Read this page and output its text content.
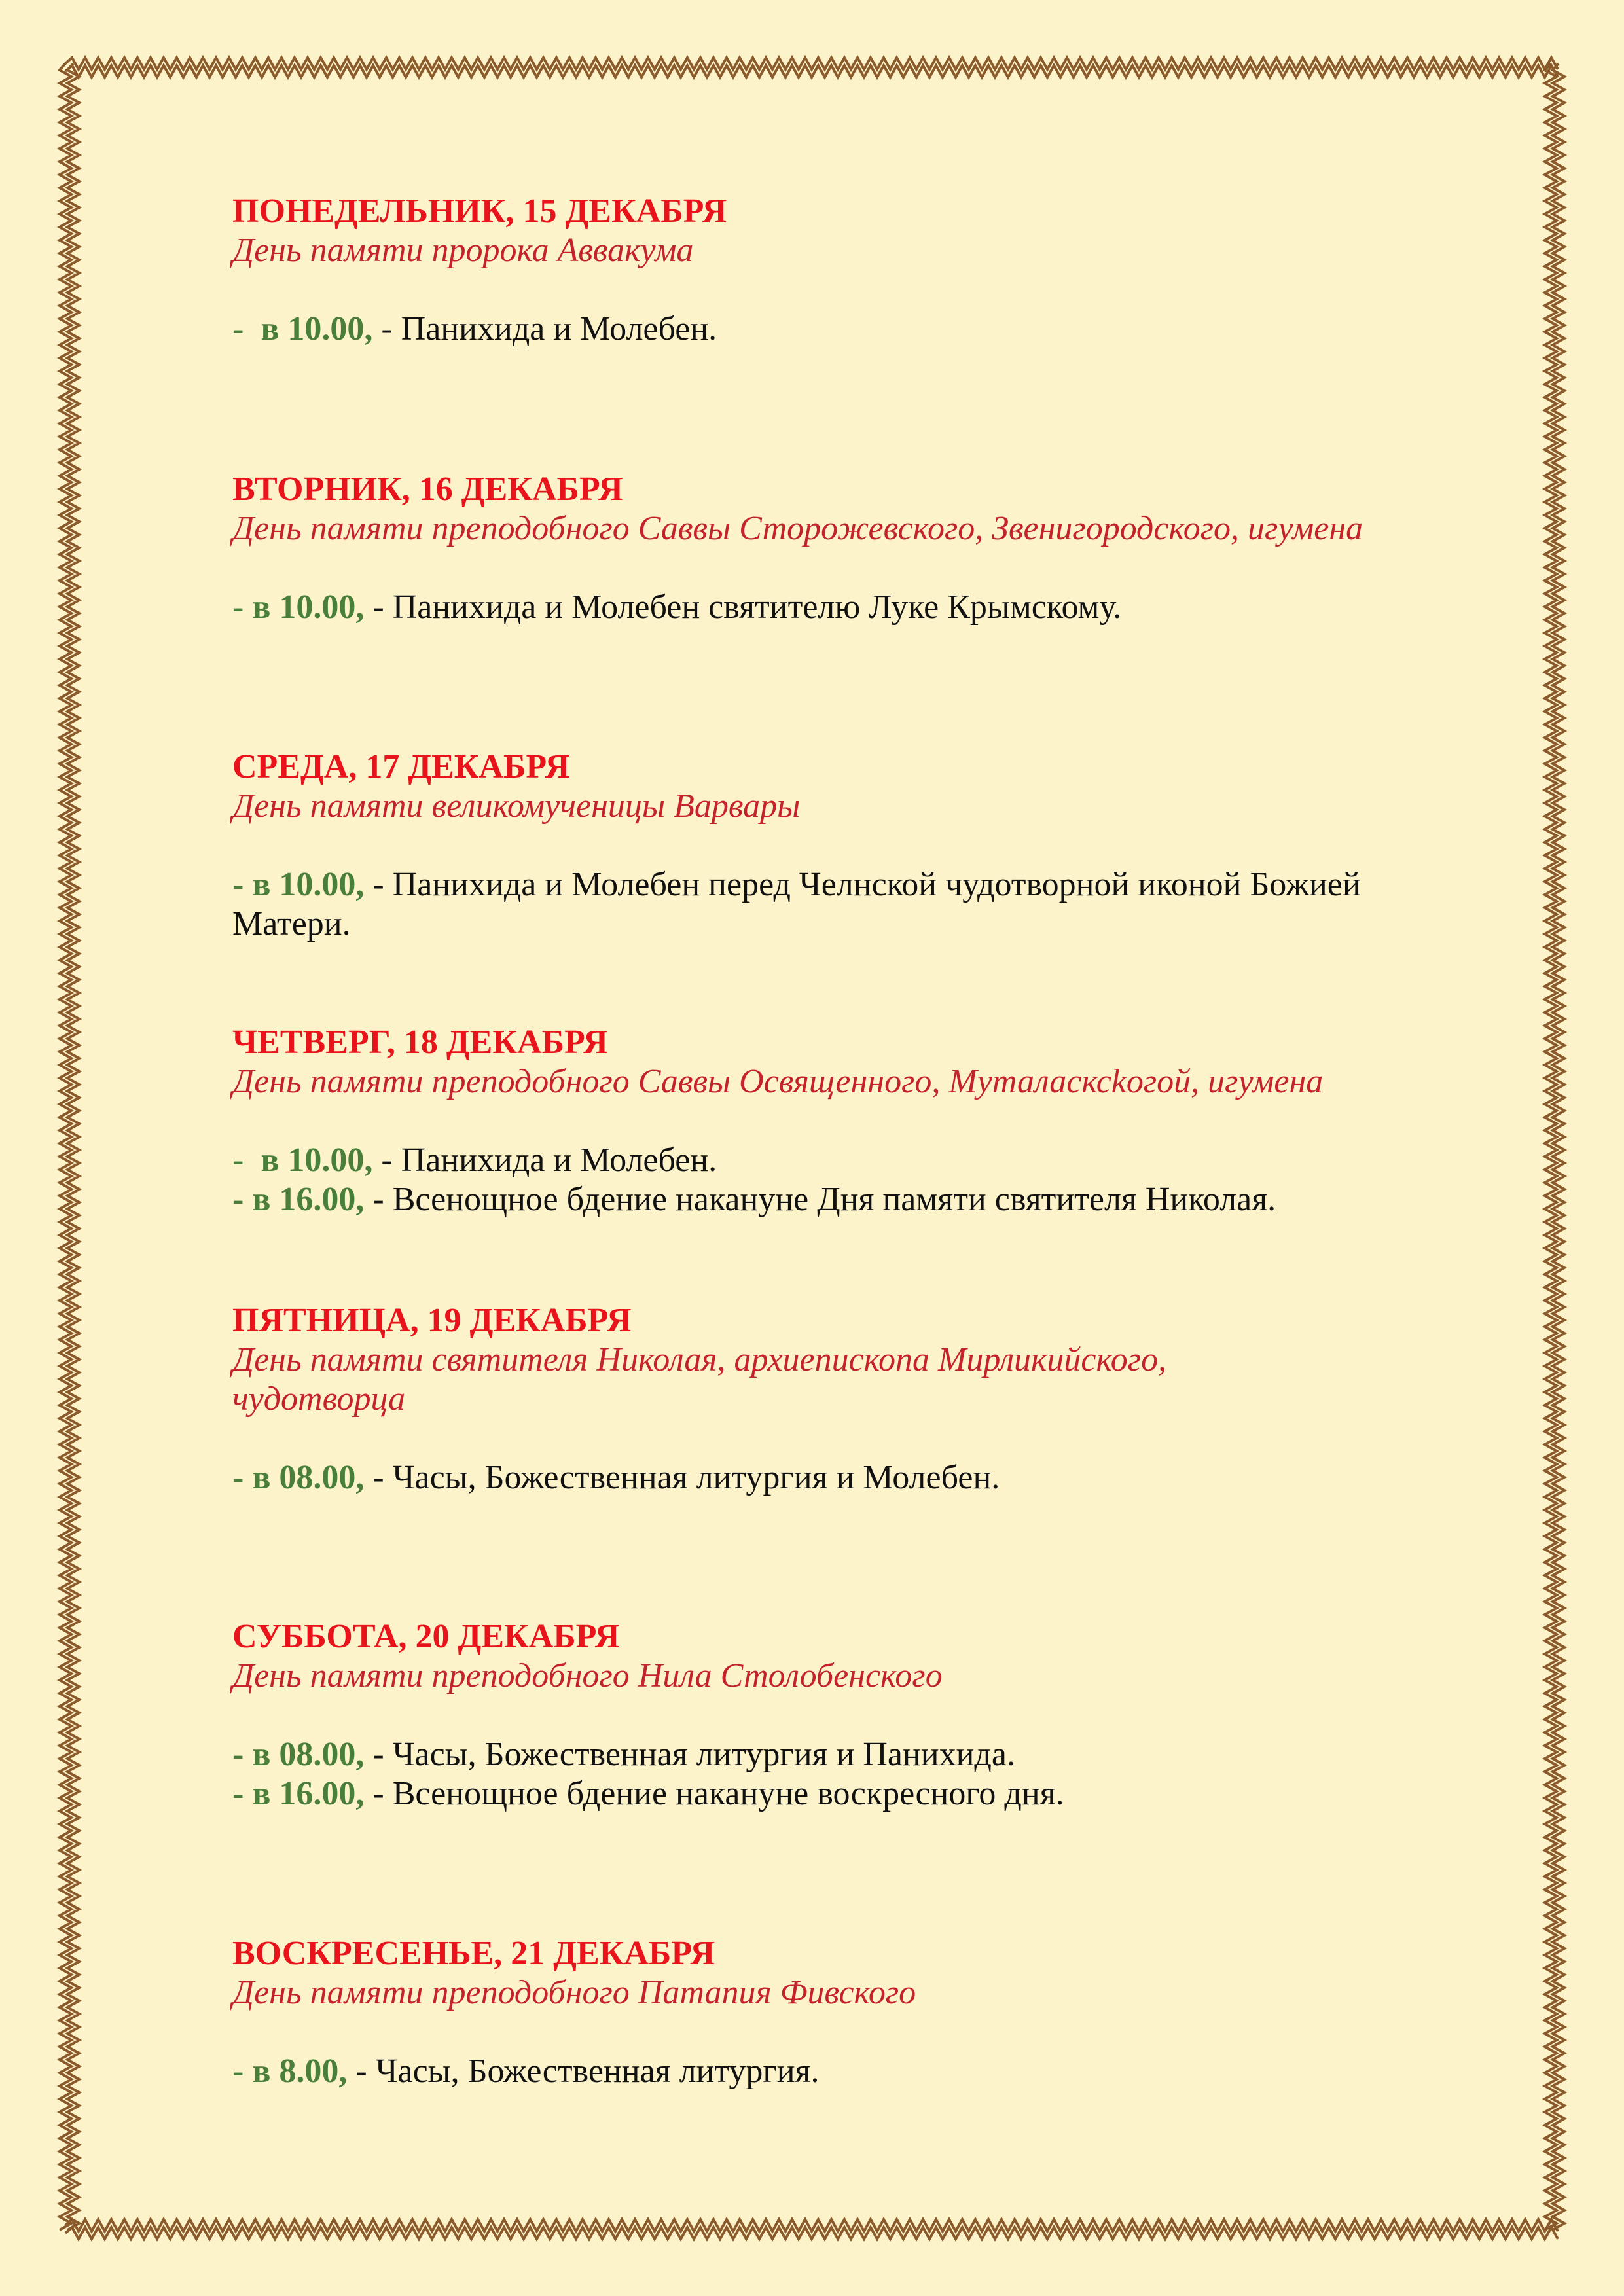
ПОНЕДЕЛЬНИК, 15 ДЕКАБРЯ

День памяти пророка Аввакума

-  в 10.00, - Панихида и Молебен.

ВТОРНИК, 16 ДЕКАБРЯ

День памяти преподобного Саввы Сторожевского, Звенигородского, игумена

- в 10.00, - Панихида и Молебен святителю Луке Крымскому.

СРЕДА, 17 ДЕКАБРЯ

День памяти великомученицы Варвары

- в 10.00, - Панихида и Молебен перед Челнской чудотворной иконой Божией Матери.

ЧЕТВЕРГ, 18 ДЕКАБРЯ

День памяти преподобного Саввы Освященного, Муталасксkогой, игумена

-  в 10.00, - Панихида и Молебен.
- в 16.00, - Всенощное бдение накануне Дня памяти святителя Николая.

ПЯТНИЦА, 19 ДЕКАБРЯ

День памяти святителя Николая, архиепископа Мирликийского, чудотворца

- в 08.00, - Часы, Божественная литургия и Молебен.

СУББОТА, 20 ДЕКАБРЯ

День памяти преподобного Нила Столобенского

- в 08.00, - Часы, Божественная литургия и Панихида.
- в 16.00, - Всенощное бдение накануне воскресного дня.

ВОСКРЕСЕНЬЕ, 21 ДЕКАБРЯ

День памяти преподобного Патапия Фивского

- в 8.00, - Часы, Божественная литургия.
